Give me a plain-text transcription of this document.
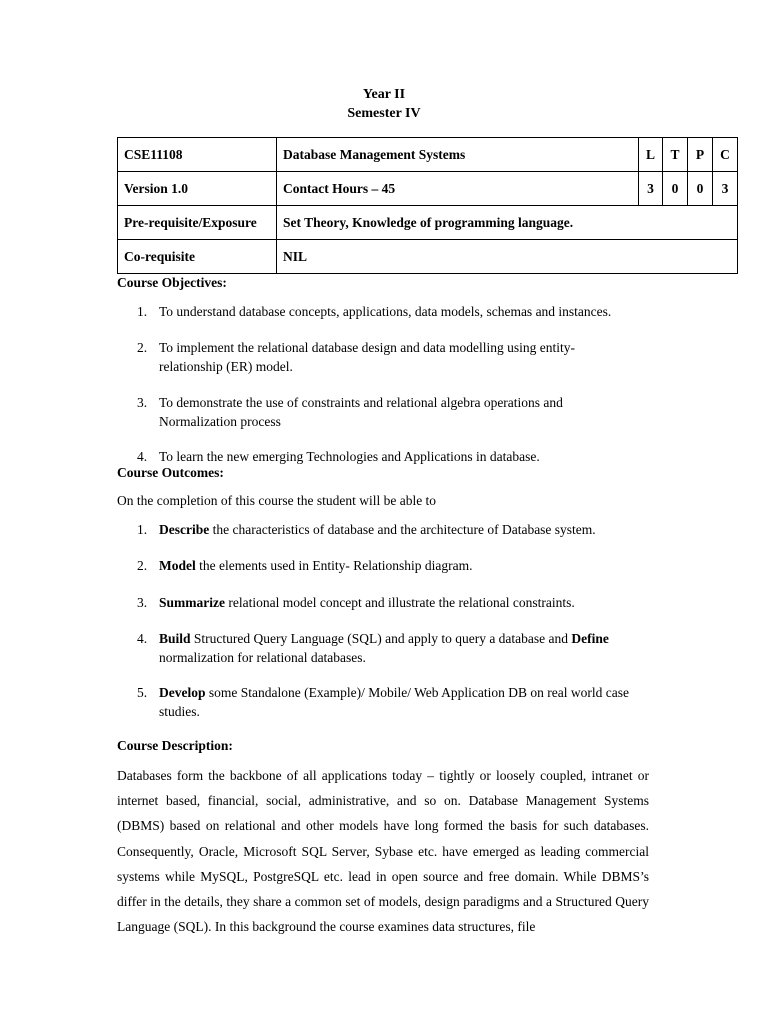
Year II
Semester IV
CSE11108	Database Management Systems	L	T	P	C
Version 1.0	Contact Hours – 45	3	0	0	3
Pre-requisite/Exposure	Set Theory, Knowledge of programming language.				
Co-requisite	NIL				
Course Objectives:
1. To understand database concepts, applications, data models, schemas and instances.
2. To implement the relational database design and data modelling using entity-relationship (ER) model.
3. To demonstrate the use of constraints and relational algebra operations and Normalization process
4. To learn the new emerging Technologies and Applications in database.
Course Outcomes:
On the completion of this course the student will be able to
1. Describe the characteristics of database and the architecture of Database system.
2. Model the elements used in Entity- Relationship diagram.
3. Summarize relational model concept and illustrate the relational constraints.
4. Build Structured Query Language (SQL) and apply to query a database and Define normalization for relational databases.
5. Develop some Standalone (Example)/ Mobile/ Web Application DB on real world case studies.
Course Description:
Databases form the backbone of all applications today – tightly or loosely coupled, intranet or internet based, financial, social, administrative, and so on. Database Management Systems (DBMS) based on relational and other models have long formed the basis for such databases. Consequently, Oracle, Microsoft SQL Server, Sybase etc. have emerged as leading commercial systems while MySQL, PostgreSQL etc. lead in open source and free domain. While DBMS’s differ in the details, they share a common set of models, design paradigms and a Structured Query Language (SQL). In this background the course examines data structures, file
